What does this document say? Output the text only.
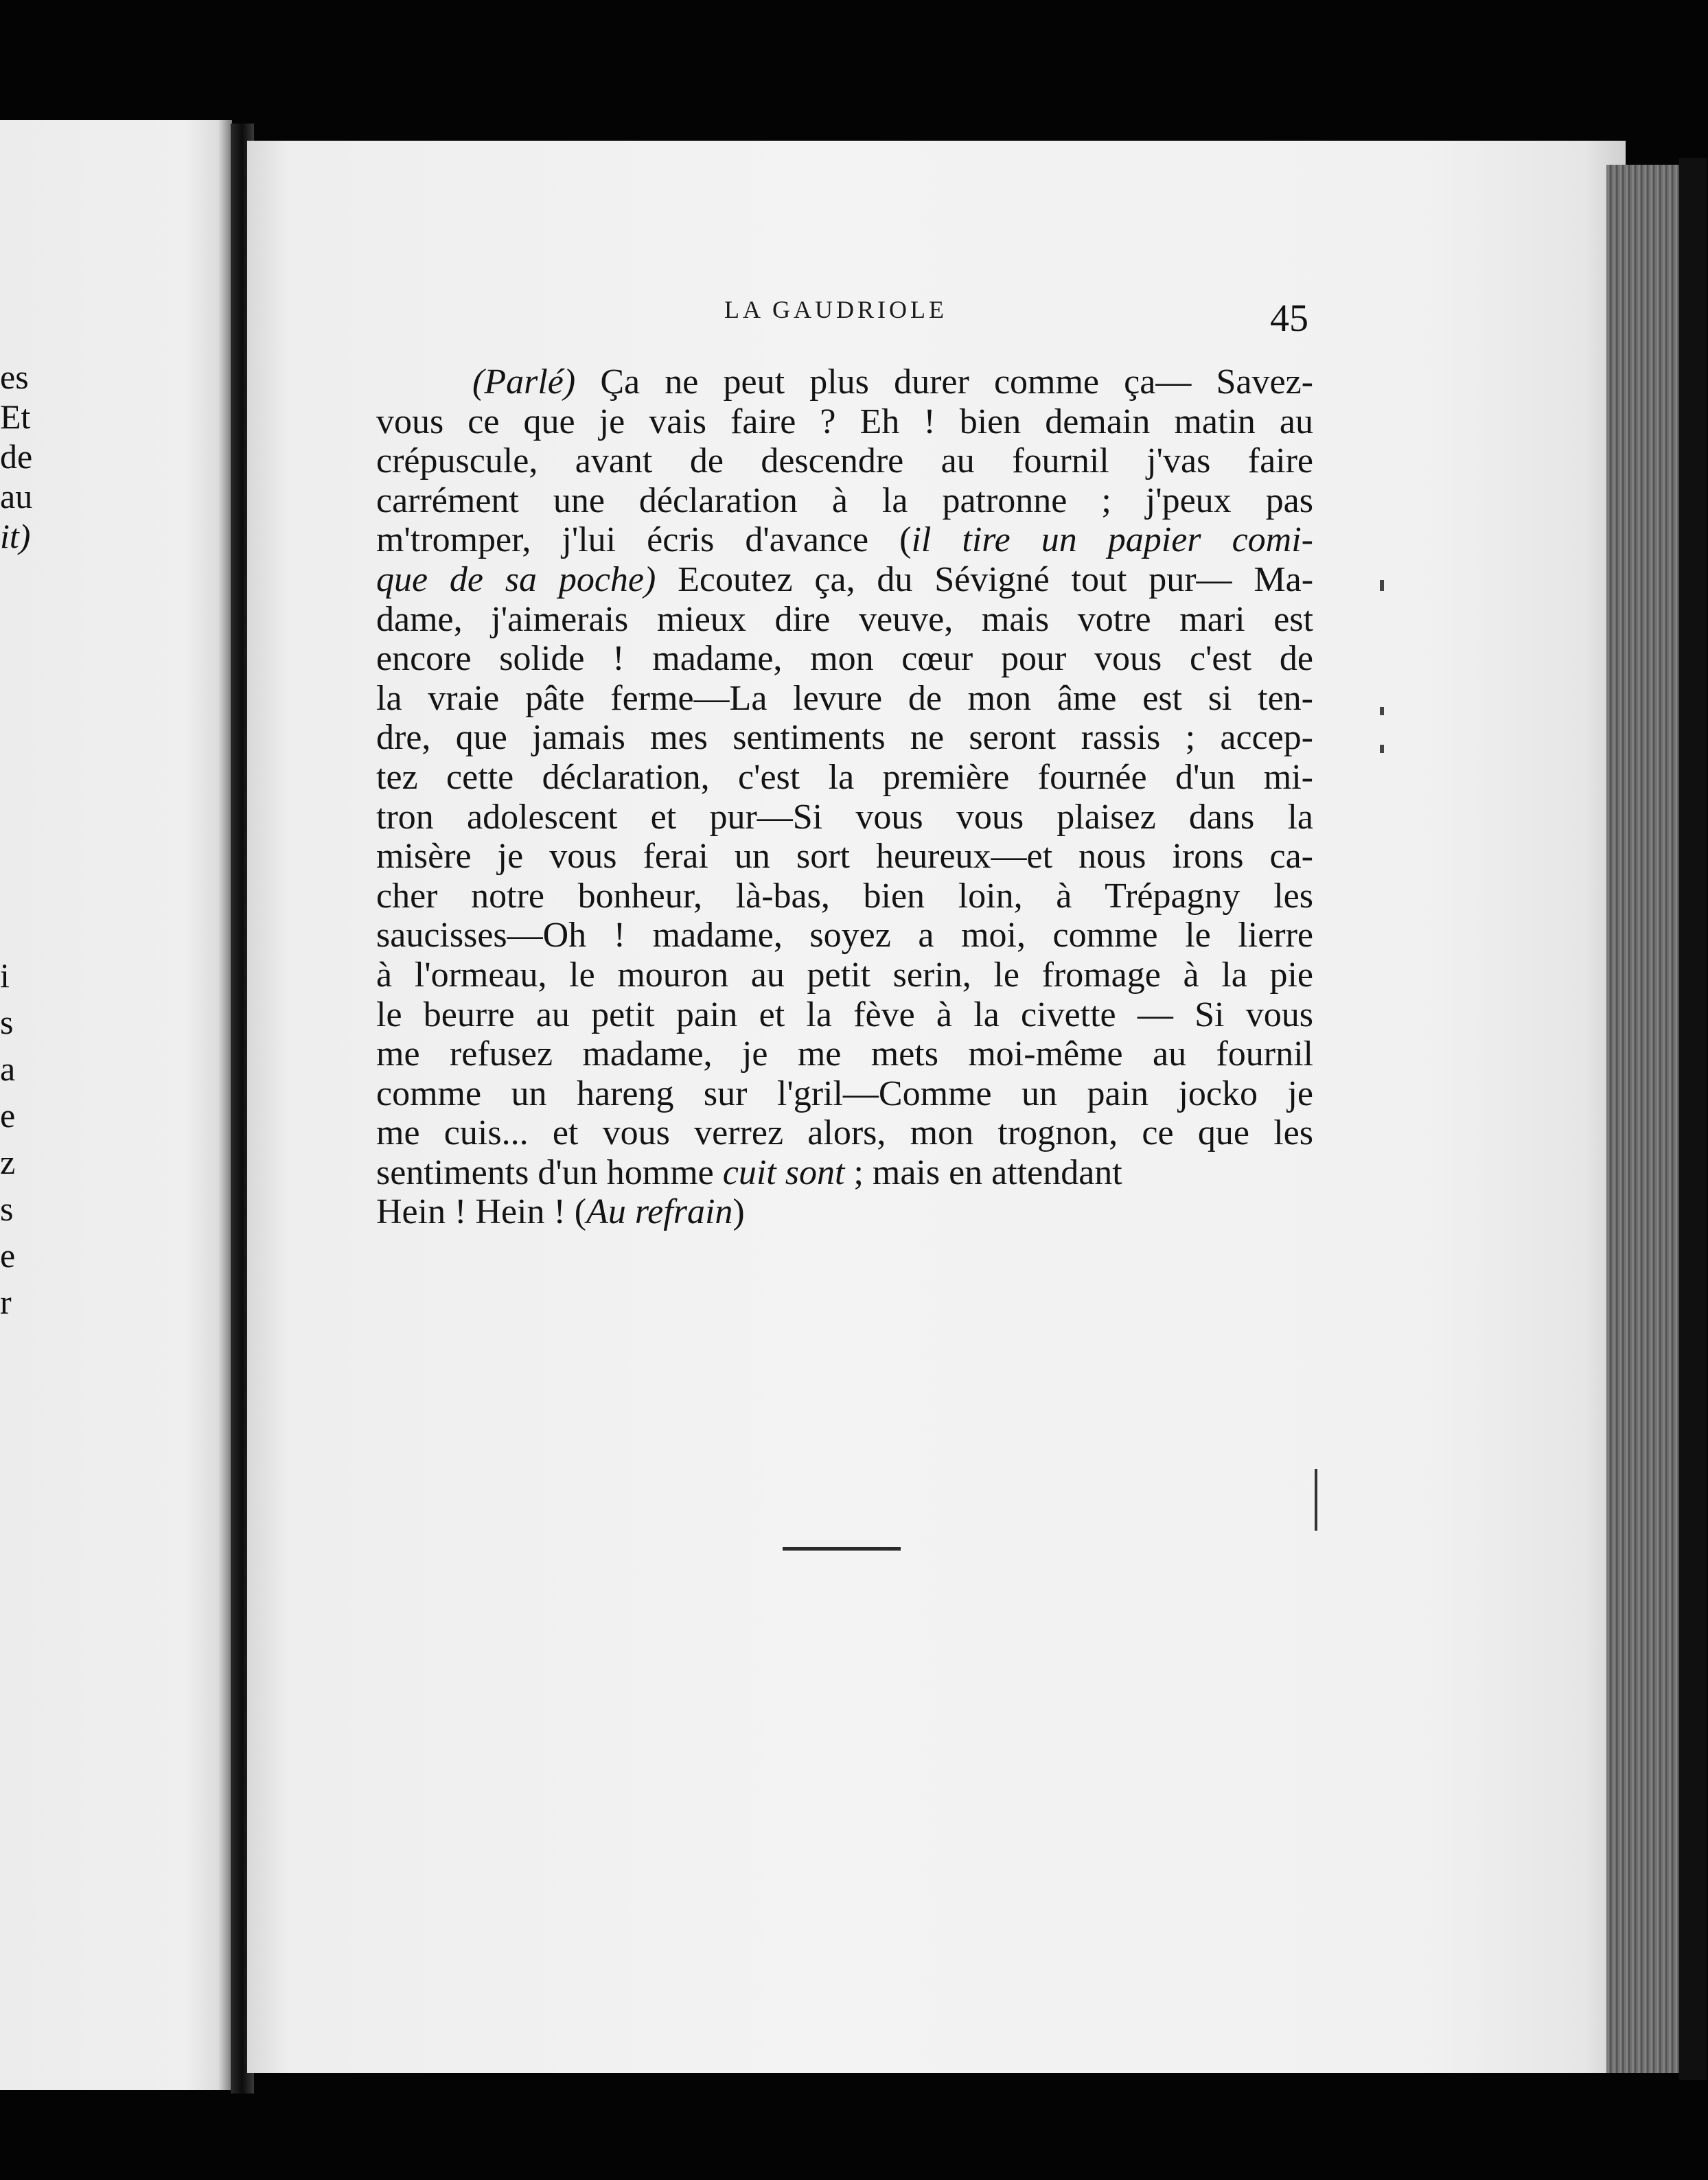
es
Et
de
au
it)
i
s
a
e
z
s
e
r
LA GAUDRIOLE	45
(Parlé) Ça ne peut plus durer comme ça— Savez-
vous ce que je vais faire ? Eh ! bien demain matin au
crépuscule, avant de descendre au fournil j'vas faire
carrément une déclaration à la patronne ; j'peux pas
m'tromper, j'lui écris d'avance (il tire un papier comi-
que de sa poche) Ecoutez ça, du Sévigné tout pur— Ma-
dame, j'aimerais mieux dire veuve, mais votre mari est
encore solide ! madame, mon cœur pour vous c'est de
la vraie pâte ferme—La levure de mon âme est si ten-
dre, que jamais mes sentiments ne seront rassis ; accep-
tez cette déclaration, c'est la première fournée d'un mi-
tron adolescent et pur—Si vous vous plaisez dans la
misère je vous ferai un sort heureux—et nous irons ca-
cher notre bonheur, là-bas, bien loin, à Trépagny les
saucisses—Oh ! madame, soyez a moi, comme le lierre
à l'ormeau, le mouron au petit serin, le fromage à la pie
le beurre au petit pain et la fève à la civette — Si vous
me refusez madame, je me mets moi-même au fournil
comme un hareng sur l'gril—Comme un pain jocko je
me cuis... et vous verrez alors, mon trognon, ce que les
sentiments d'un homme cuit sont ; mais en attendant
Hein ! Hein ! (Au refrain)
